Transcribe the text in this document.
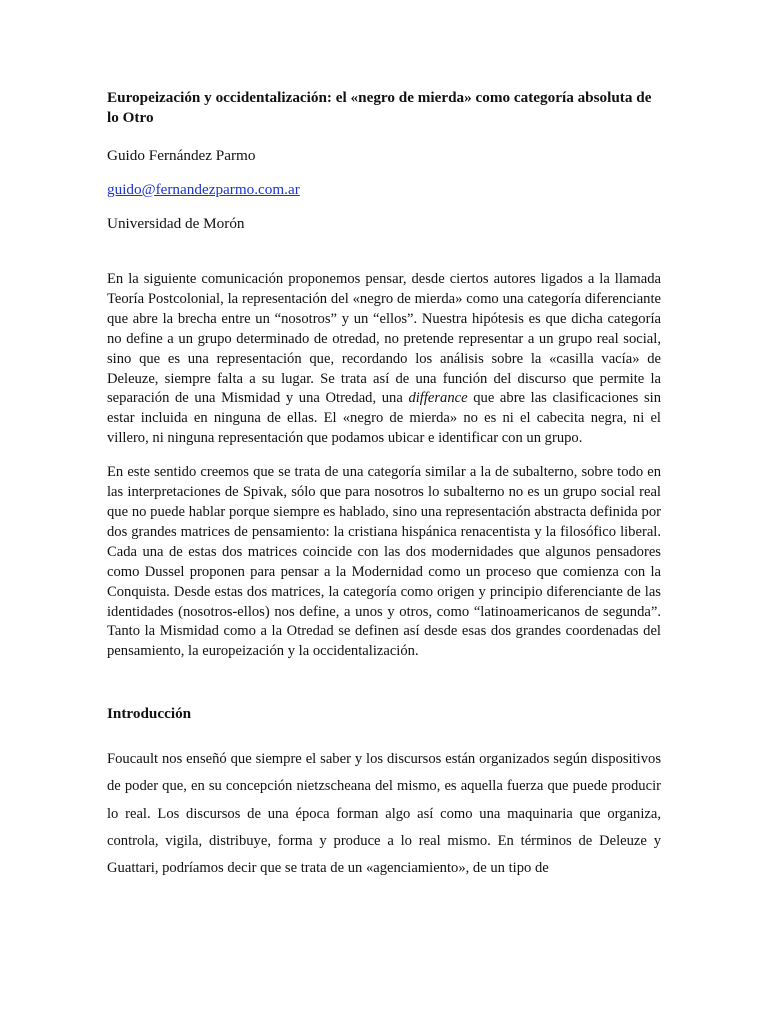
Europeización y occidentalización: el «negro de mierda» como categoría absoluta de lo Otro
Guido Fernández Parmo
guido@fernandezparmo.com.ar
Universidad de Morón

En la siguiente comunicación proponemos pensar, desde ciertos autores ligados a la llamada Teoría Postcolonial, la representación del «negro de mierda» como una categoría diferenciante que abre la brecha entre un “nosotros” y un “ellos”. Nuestra hipótesis es que dicha categoría no define a un grupo determinado de otredad, no pretende representar a un grupo real social, sino que es una representación que, recordando los análisis sobre la «casilla vacía» de Deleuze, siempre falta a su lugar. Se trata así de una función del discurso que permite la separación de una Mismidad y una Otredad, una differance que abre las clasificaciones sin estar incluida en ninguna de ellas. El «negro de mierda» no es ni el cabecita negra, ni el villero, ni ninguna representación que podamos ubicar e identificar con un grupo.

En este sentido creemos que se trata de una categoría similar a la de subalterno, sobre todo en las interpretaciones de Spivak, sólo que para nosotros lo subalterno no es un grupo social real que no puede hablar porque siempre es hablado, sino una representación abstracta definida por dos grandes matrices de pensamiento: la cristiana hispánica renacentista y la filosófico liberal. Cada una de estas dos matrices coincide con las dos modernidades que algunos pensadores como Dussel proponen para pensar a la Modernidad como un proceso que comienza con la Conquista. Desde estas dos matrices, la categoría como origen y principio diferenciante de las identidades (nosotros-ellos) nos define, a unos y otros, como “latinoamericanos de segunda”. Tanto la Mismidad como a la Otredad se definen así desde esas dos grandes coordenadas del pensamiento, la europeización y la occidentalización.

Introducción

Foucault nos enseñó que siempre el saber y los discursos están organizados según dispositivos de poder que, en su concepción nietzscheana del mismo, es aquella fuerza que puede producir lo real. Los discursos de una época forman algo así como una maquinaria que organiza, controla, vigila, distribuye, forma y produce a lo real mismo. En términos de Deleuze y Guattari, podríamos decir que se trata de un «agenciamiento», de un tipo de
